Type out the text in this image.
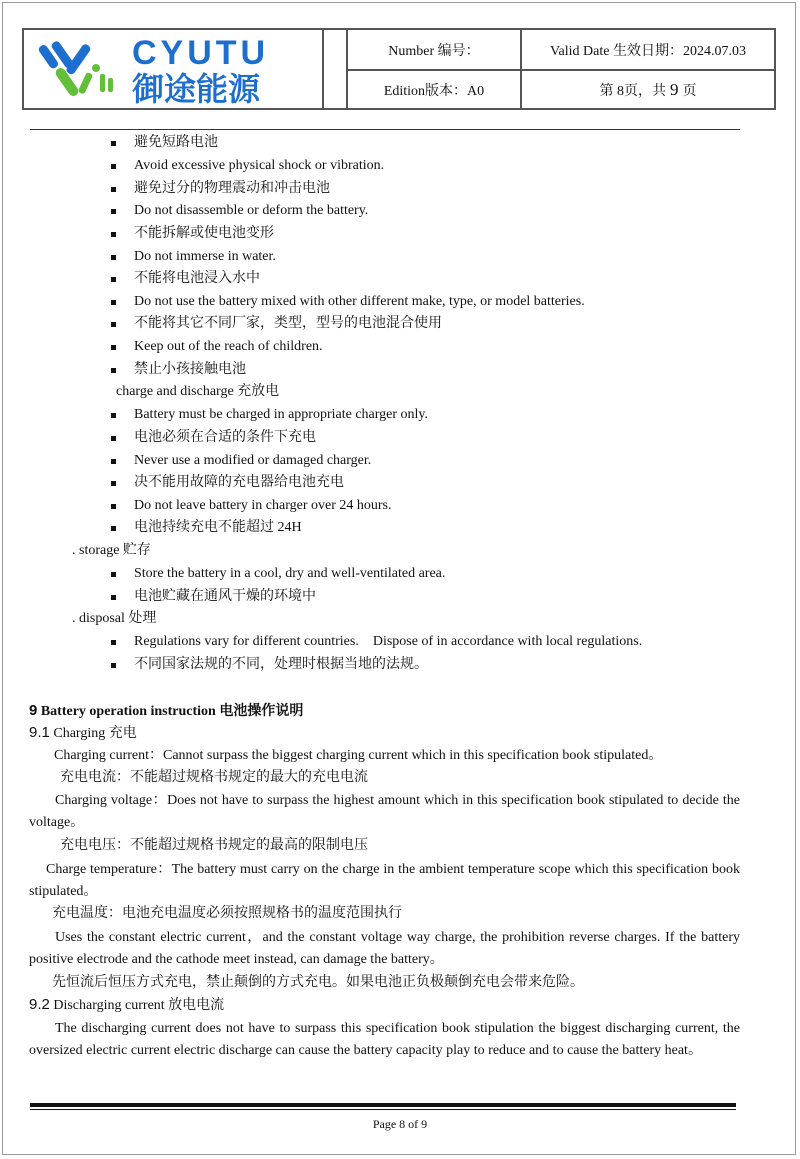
CYUTU
御途能源
Number 编号：	Valid Date 生效日期：2024.07.03
Edition版本：A0	第 8页，共 9 页
避免短路电池
Avoid excessive physical shock or vibration.
避免过分的物理震动和冲击电池
Do not disassemble or deform the battery.
不能拆解或使电池变形
Do not immerse in water.
不能将电池浸入水中
Do not use the battery mixed with other different make, type, or model batteries.
不能将其它不同厂家，类型，型号的电池混合使用
Keep out of the reach of children.
禁止小孩接触电池
charge and discharge 充放电
Battery must be charged in appropriate charger only.
电池必须在合适的条件下充电
Never use a modified or damaged charger.
决不能用故障的充电器给电池充电
Do not leave battery in charger over 24 hours.
电池持续充电不能超过 24H
. storage 贮存
Store the battery in a cool, dry and well-ventilated area.
电池贮藏在通风干燥的环境中
. disposal 处理
Regulations vary for different countries.    Dispose of in accordance with local regulations.
不同国家法规的不同，处理时根据当地的法规。
9 Battery operation instruction 电池操作说明
9.1 Charging 充电
Charging current：Cannot surpass the biggest charging current which in this specification book stipulated。
充电电流：不能超过规格书规定的最大的充电电流
Charging voltage：Does not have to surpass the highest amount which in this specification book stipulated to decide the voltage。
充电电压：不能超过规格书规定的最高的限制电压
Charge temperature：The battery must carry on the charge in the ambient temperature scope which this specification book stipulated。
充电温度：电池充电温度必须按照规格书的温度范围执行
Uses the constant electric current，and the constant voltage way charge, the prohibition reverse charges. If the battery positive electrode and the cathode meet instead, can damage the battery。
先恒流后恒压方式充电，禁止颠倒的方式充电。如果电池正负极颠倒充电会带来危险。
9.2 Discharging current 放电电流
The discharging current does not have to surpass this specification book stipulation the biggest discharging current, the oversized electric current electric discharge can cause the battery capacity play to reduce and to cause the battery heat。
Page 8 of 9
